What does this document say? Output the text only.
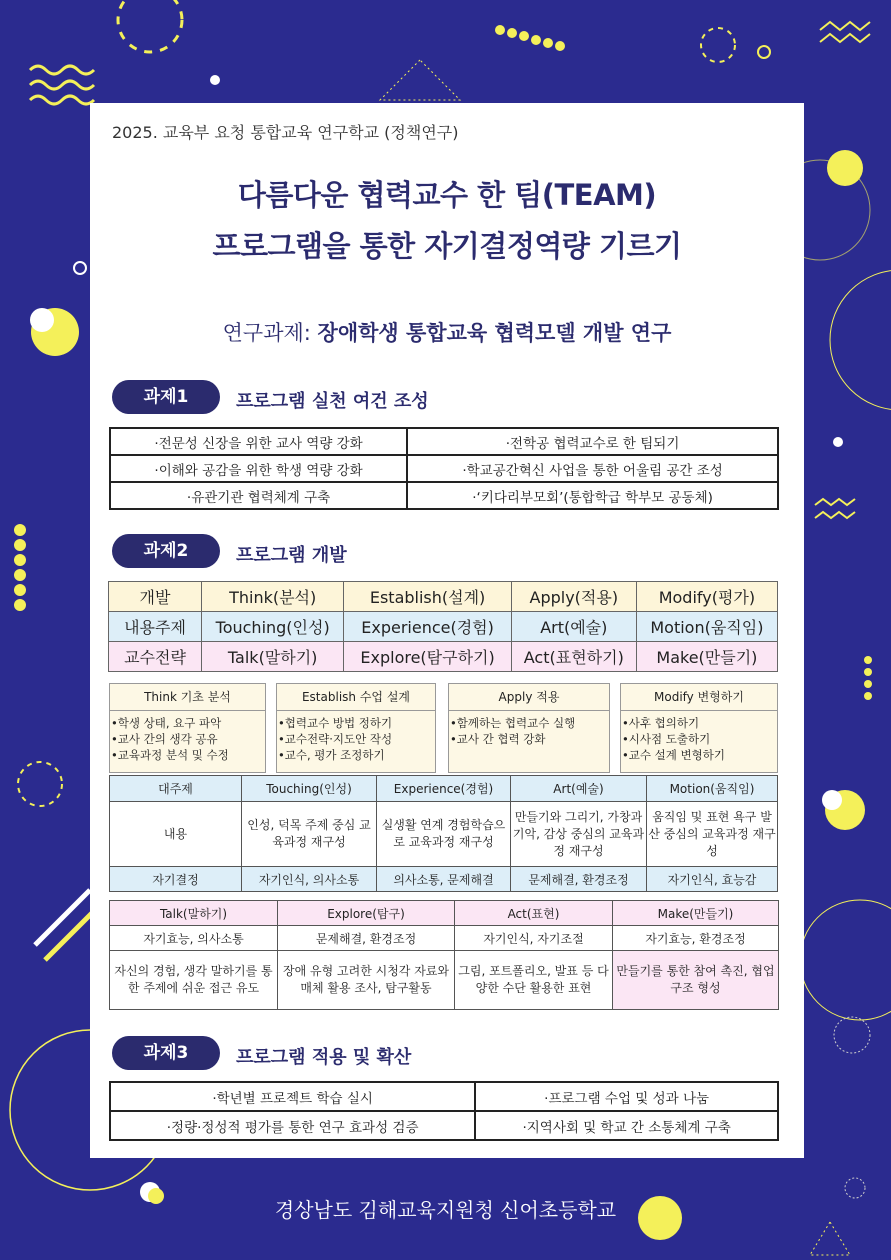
2025. 교육부 요청 통합교육 연구학교 (정책연구)
다름다운 협력교수 한 팀(TEAM)
프로그램을 통한 자기결정역량 기르기
연구과제: 장애학생 통합교육 협력모델 개발 연구
과제1	프로그램 실천 여건 조성
·전문성 신장을 위한 교사 역량 강화	·전학공 협력교수로 한 팀되기
·이해와 공감을 위한 학생 역량 강화	·학교공간혁신 사업을 통한 어울림 공간 조성
·유관기관 협력체계 구축	·‘키다리부모회’(통합학급 학부모 공동체)
과제2	프로그램 개발
개발	Think(분석)	Establish(설계)	Apply(적용)	Modify(평가)
내용주제	Touching(인성)	Experience(경험)	Art(예술)	Motion(움직임)
교수전략	Talk(말하기)	Explore(탐구하기)	Act(표현하기)	Make(만들기)
Think 기초 분석
•학생 상태, 요구 파악
•교사 간의 생각 공유
•교육과정 분석 및 수정
Establish 수업 설계
•협력교수 방법 정하기
•교수전략·지도안 작성
•교수, 평가 조정하기
Apply 적용
•함께하는 협력교수 실행
•교사 간 협력 강화
Modify 변형하기
•사후 협의하기
•시사점 도출하기
•교수 설계 변형하기
대주제	Touching(인성)	Experience(경험)	Art(예술)	Motion(움직임)
내용	인성, 덕목 주제 중심 교육과정 재구성	실생활 연계 경험학습으로 교육과정 재구성	만들기와 그리기, 가창과 기악, 감상 중심의 교육과정 재구성	움직임 및 표현 욕구 발산 중심의 교육과정 재구성
자기결정	자기인식, 의사소통	의사소통, 문제해결	문제해결, 환경조정	자기인식, 효능감
Talk(말하기)	Explore(탐구)	Act(표현)	Make(만들기)
자기효능, 의사소통	문제해결, 환경조정	자기인식, 자기조절	자기효능, 환경조정
자신의 경험, 생각 말하기를 통한 주제에 쉬운 접근 유도	장애 유형 고려한 시청각 자료와 매체 활용 조사, 탐구활동	그림, 포트폴리오, 발표 등 다양한 수단 활용한 표현	만들기를 통한 참여 촉진, 협업 구조 형성
과제3	프로그램 적용 및 확산
·학년별 프로젝트 학습 실시	·프로그램 수업 및 성과 나눔
·정량·정성적 평가를 통한 연구 효과성 검증	·지역사회 및 학교 간 소통체계 구축
경상남도 김해교육지원청 신어초등학교
